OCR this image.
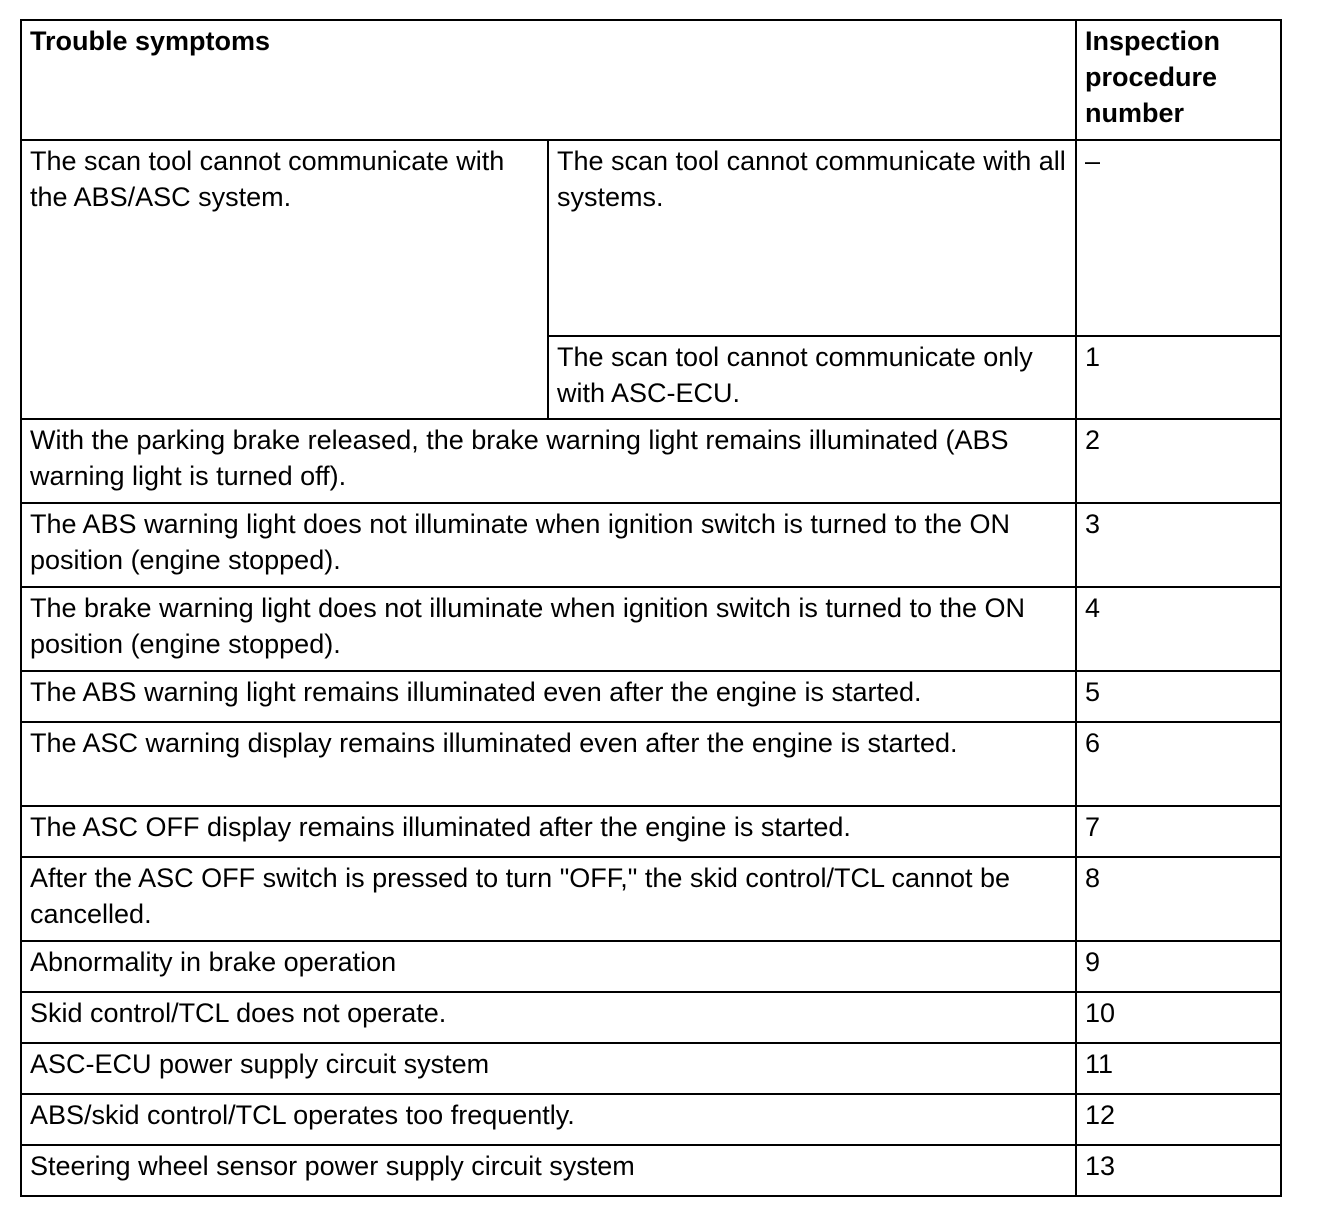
Trouble symptoms		Inspection procedure number
The scan tool cannot communicate with the ABS/ASC system.	The scan tool cannot communicate with all systems.	–
	The scan tool cannot communicate only with ASC-ECU.	1
With the parking brake released, the brake warning light remains illuminated (ABS warning light is turned off).		2
The ABS warning light does not illuminate when ignition switch is turned to the ON position (engine stopped).		3
The brake warning light does not illuminate when ignition switch is turned to the ON position (engine stopped).		4
The ABS warning light remains illuminated even after the engine is started.		5
The ASC warning display remains illuminated even after the engine is started.		6
The ASC OFF display remains illuminated after the engine is started.		7
After the ASC OFF switch is pressed to turn "OFF," the skid control/TCL cannot be cancelled.		8
Abnormality in brake operation		9
Skid control/TCL does not operate.		10
ASC-ECU power supply circuit system		11
ABS/skid control/TCL operates too frequently.		12
Steering wheel sensor power supply circuit system		13
